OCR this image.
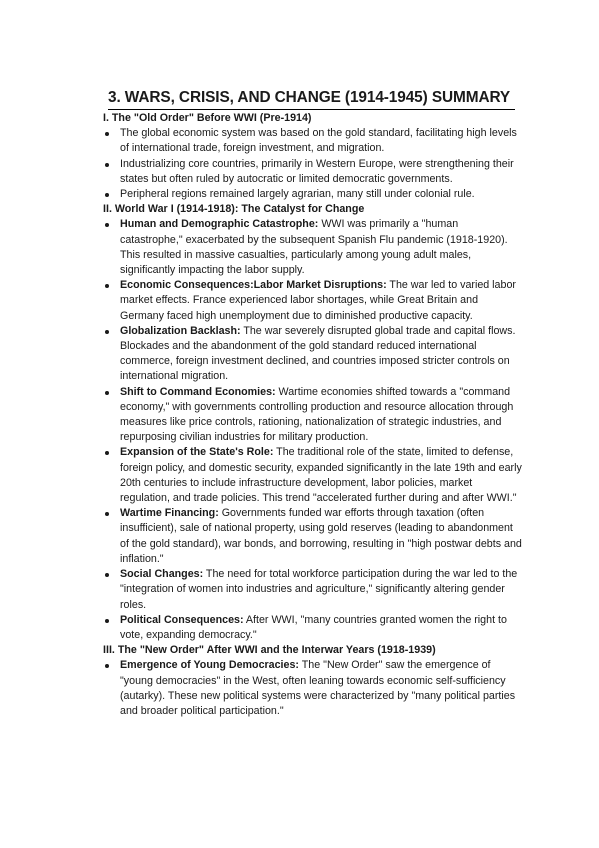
3. WARS, CRISIS, AND CHANGE (1914-1945) SUMMARY
I. The "Old Order" Before WWI (Pre-1914)
The global economic system was based on the gold standard, facilitating high levels of international trade, foreign investment, and migration.
Industrializing core countries, primarily in Western Europe, were strengthening their states but often ruled by autocratic or limited democratic governments.
Peripheral regions remained largely agrarian, many still under colonial rule.
II. World War I (1914-1918): The Catalyst for Change
Human and Demographic Catastrophe: WWI was primarily a "human catastrophe," exacerbated by the subsequent Spanish Flu pandemic (1918-1920). This resulted in massive casualties, particularly among young adult males, significantly impacting the labor supply.
Economic Consequences:Labor Market Disruptions: The war led to varied labor market effects. France experienced labor shortages, while Great Britain and Germany faced high unemployment due to diminished productive capacity.
Globalization Backlash: The war severely disrupted global trade and capital flows. Blockades and the abandonment of the gold standard reduced international commerce, foreign investment declined, and countries imposed stricter controls on international migration.
Shift to Command Economies: Wartime economies shifted towards a "command economy," with governments controlling production and resource allocation through measures like price controls, rationing, nationalization of strategic industries, and repurposing civilian industries for military production.
Expansion of the State's Role: The traditional role of the state, limited to defense, foreign policy, and domestic security, expanded significantly in the late 19th and early 20th centuries to include infrastructure development, labor policies, market regulation, and trade policies. This trend "accelerated further during and after WWI."
Wartime Financing: Governments funded war efforts through taxation (often insufficient), sale of national property, using gold reserves (leading to abandonment of the gold standard), war bonds, and borrowing, resulting in "high postwar debts and inflation."
Social Changes: The need for total workforce participation during the war led to the "integration of women into industries and agriculture," significantly altering gender roles.
Political Consequences: After WWI, "many countries granted women the right to vote, expanding democracy."
III. The "New Order" After WWI and the Interwar Years (1918-1939)
Emergence of Young Democracies: The "New Order" saw the emergence of "young democracies" in the West, often leaning towards economic self-sufficiency (autarky). These new political systems were characterized by "many political parties and broader political participation."
